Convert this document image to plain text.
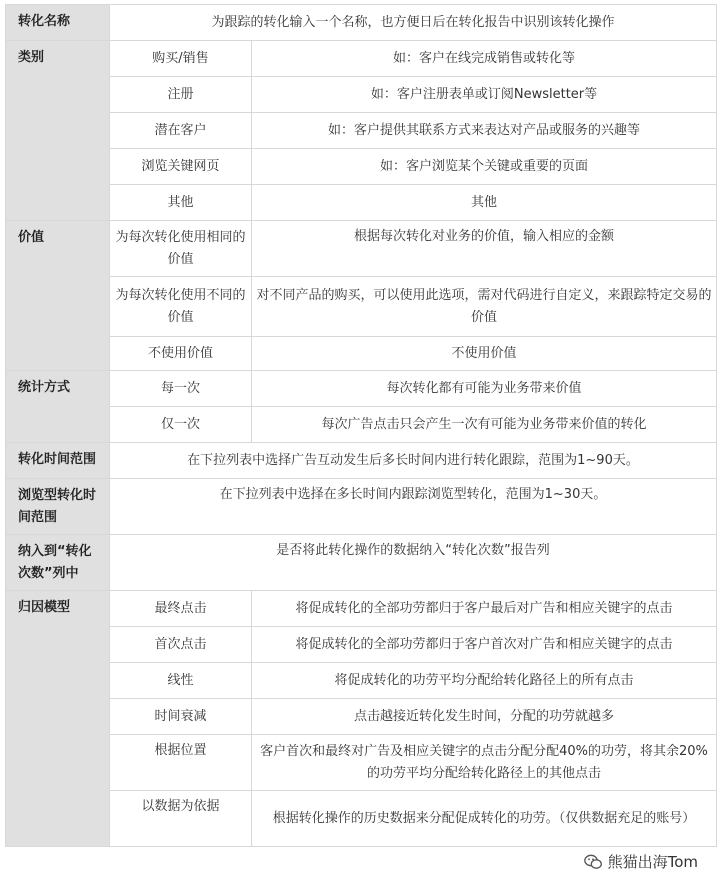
转化名称	为跟踪的转化输入一个名称，也方便日后在转化报告中识别该转化操作	
类别	购买/销售	如：客户在线完成销售或转化等
	注册	如：客户注册表单或订阅Newsletter等
	潜在客户	如：客户提供其联系方式来表达对产品或服务的兴趣等
	浏览关键网页	如：客户浏览某个关键或重要的页面
	其他	其他
价值	为每次转化使用相同的价值	根据每次转化对业务的价值，输入相应的金额
	为每次转化使用不同的价值	对不同产品的购买，可以使用此选项，需对代码进行自定义，来跟踪特定交易的价值
	不使用价值	不使用价值
统计方式	每一次	每次转化都有可能为业务带来价值
	仅一次	每次广告点击只会产生一次有可能为业务带来价值的转化
转化时间范围	在下拉列表中选择广告互动发生后多长时间内进行转化跟踪，范围为1~90天。	
浏览型转化时间范围	在下拉列表中选择在多长时间内跟踪浏览型转化，范围为1~30天。	
纳入到“转化次数”列中	是否将此转化操作的数据纳入“转化次数”报告列	
归因模型	最终点击	将促成转化的全部功劳都归于客户最后对广告和相应关键字的点击
	首次点击	将促成转化的全部功劳都归于客户首次对广告和相应关键字的点击
	线性	将促成转化的功劳平均分配给转化路径上的所有点击
	时间衰减	点击越接近转化发生时间，分配的功劳就越多
	根据位置	客户首次和最终对广告及相应关键字的点击分配分配40%的功劳，将其余20%的功劳平均分配给转化路径上的其他点击
	以数据为依据	根据转化操作的历史数据来分配促成转化的功劳。（仅供数据充足的账号）
熊猫出海Tom
